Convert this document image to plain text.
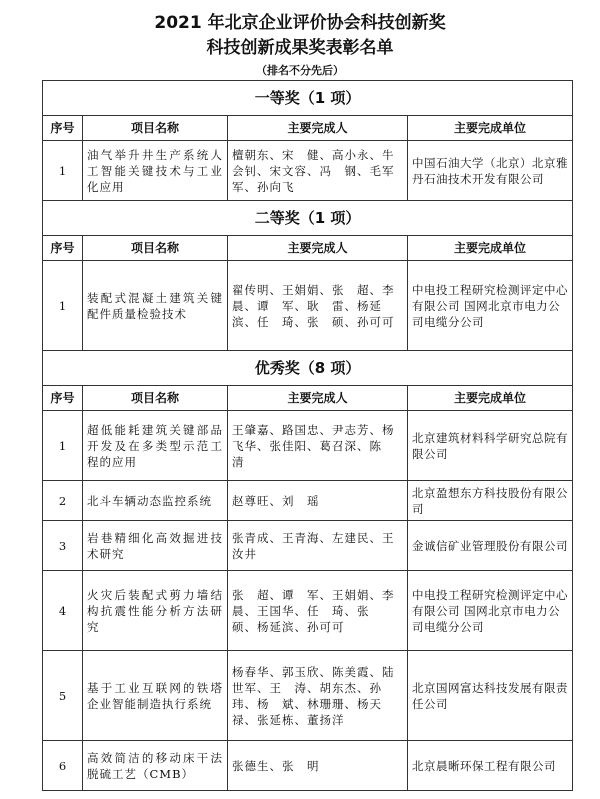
2021 年北京企业评价协会科技创新奖
科技创新成果奖表彰名单
（排名不分先后）
一等奖（1 项）			
序号	项目名称	主要完成人	主要完成单位
1	油气举升井生产系统人工智能关键技术与工业化应用	檀朝东、宋　健、高小永、牛会钊、宋文容、冯　钢、毛军军、孙向飞	中国石油大学（北京）北京雅丹石油技术开发有限公司
二等奖（1 项）			
序号	项目名称	主要完成人	主要完成单位
1	装配式混凝土建筑关键配件质量检验技术	翟传明、王娟娟、张　超、李　晨、谭　军、耿　雷、杨延滨、任　琦、张　硕、孙可可	中电投工程研究检测评定中心有限公司 国网北京市电力公司电缆分公司
优秀奖（8 项）			
序号	项目名称	主要完成人	主要完成单位
1	超低能耗建筑关键部品开发及在多类型示范工程的应用	王肇嘉、路国忠、尹志芳、杨飞华、张佳阳、葛召深、陈　清	北京建筑材料科学研究总院有限公司
2	北斗车辆动态监控系统	赵尊旺、刘　瑶	北京盈想东方科技股份有限公司
3	岩巷精细化高效掘进技术研究	张青成、王青海、左建民、王汝井	金诚信矿业管理股份有限公司
4	火灾后装配式剪力墙结构抗震性能分析方法研究	张　超、谭　军、王娟娟、李　晨、王国华、任　琦、张　硕、杨延滨、孙可可	中电投工程研究检测评定中心有限公司 国网北京市电力公司电缆分公司
5	基于工业互联网的铁塔企业智能制造执行系统	杨春华、郭玉欣、陈美霞、陆世军、王　涛、胡东杰、孙　玮、杨　斌、林珊珊、杨天禄、张延栋、董扬洋	北京国网富达科技发展有限责任公司
6	高效简洁的移动床干法脱硫工艺（CMB）	张德生、张　明	北京晨晰环保工程有限公司
